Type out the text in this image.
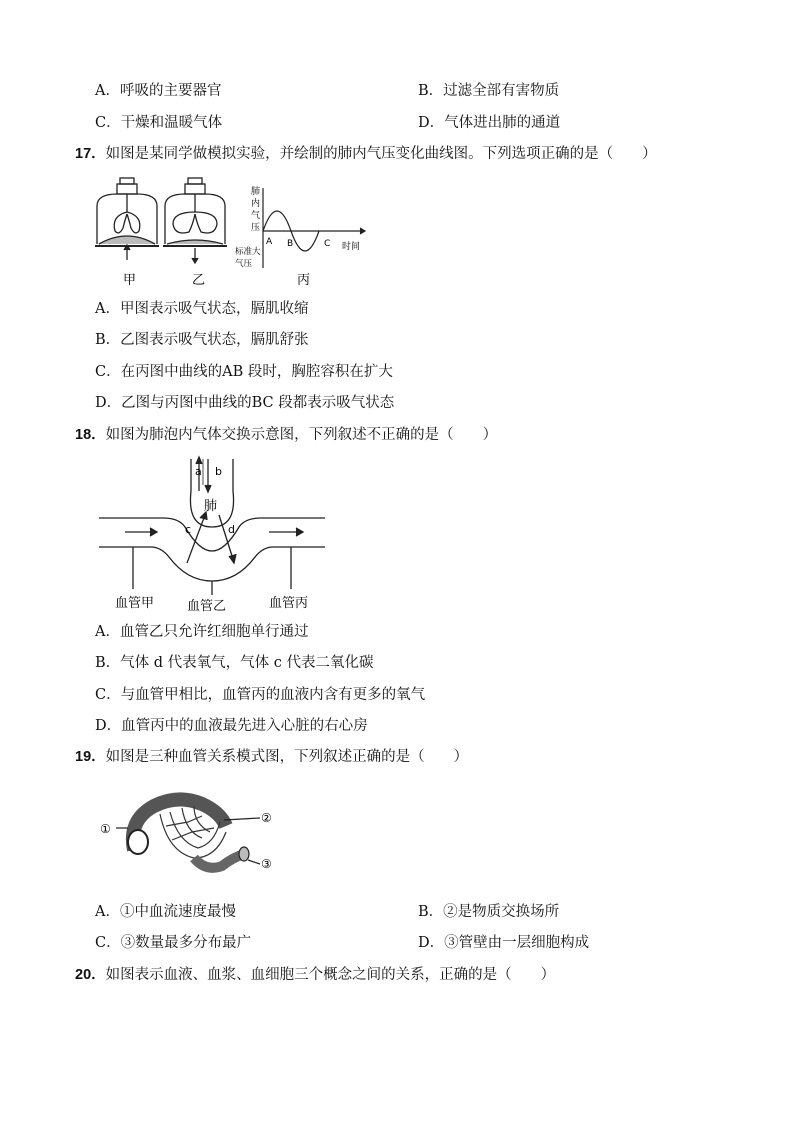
A．呼吸的主要器官	B．过滤全部有害物质
C．干燥和温暖气体	D．气体进出肺的通道
17．如图是某同学做模拟实验，并绘制的肺内气压变化曲线图。下列选项正确的是（　　）
肺
内
气
压
标准大
气压
A B	C 时间
甲	乙	丙
A．甲图表示吸气状态，膈肌收缩
B．乙图表示吸气状态，膈肌舒张
C．在丙图中曲线的AB 段时，胸腔容积在扩大
D．乙图与丙图中曲线的BC 段都表示吸气状态
18．如图为肺泡内气体交换示意图，下列叙述不正确的是（　　）
a b
肺
c	d
血管甲	血管乙	血管丙
A．血管乙只允许红细胞单行通过
B．气体 d 代表氧气，气体 c 代表二氧化碳
C．与血管甲相比，血管丙的血液内含有更多的氧气
D．血管丙中的血液最先进入心脏的右心房
19．如图是三种血管关系模式图，下列叙述正确的是（　　）
①
②
③
A．①中血流速度最慢	B．②是物质交换场所
C．③数量最多分布最广	D．③管壁由一层细胞构成
20．如图表示血液、血浆、血细胞三个概念之间的关系，正确的是（　　）
